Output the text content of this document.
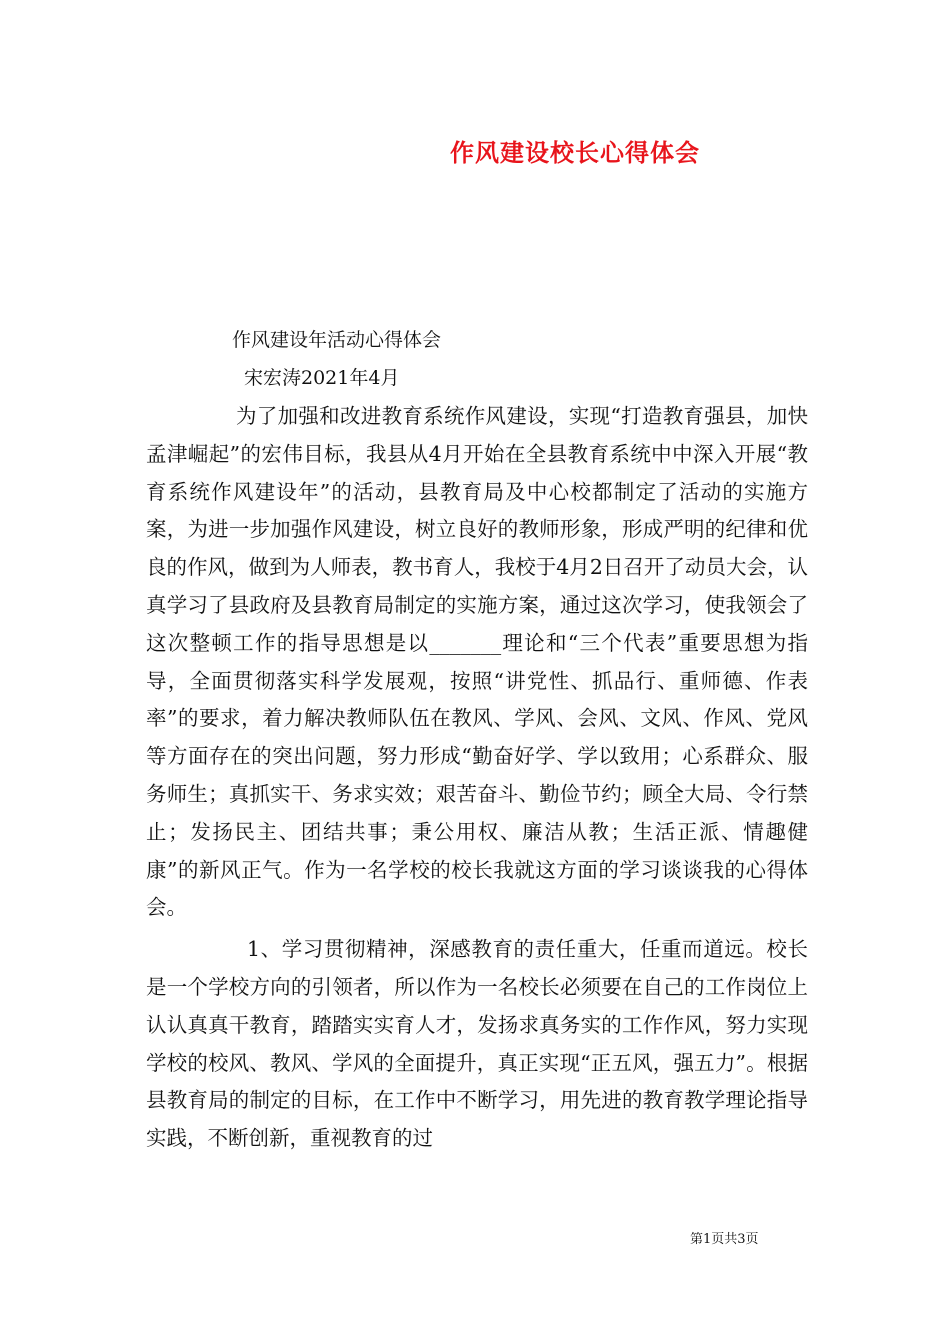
作风建设校长心得体会
作风建设年活动心得体会
宋宏涛2021年4月

为了加强和改进教育系统作风建设，实现“打造教育强县，加快孟津崛起”的宏伟目标，我县从4月开始在全县教育系统中中深入开展“教育系统作风建设年”的活动，县教育局及中心校都制定了活动的实施方案，为进一步加强作风建设，树立良好的教师形象，形成严明的纪律和优良的作风，做到为人师表，教书育人，我校于4月2日召开了动员大会，认真学习了县政府及县教育局制定的实施方案，通过这次学习，使我领会了这次整顿工作的指导思想是以_______理论和“三个代表”重要思想为指导，全面贯彻落实科学发展观，按照“讲党性、抓品行、重师德、作表率”的要求，着力解决教师队伍在教风、学风、会风、文风、作风、党风等方面存在的突出问题，努力形成“勤奋好学、学以致用；心系群众、服务师生；真抓实干、务求实效；艰苦奋斗、勤俭节约；顾全大局、令行禁止；发扬民主、团结共事；秉公用权、廉洁从教；生活正派、情趣健康”的新风正气。作为一名学校的校长我就这方面的学习谈谈我的心得体会。

1、学习贯彻精神，深感教育的责任重大，任重而道远。校长是一个学校方向的引领者，所以作为一名校长必须要在自己的工作岗位上认认真真干教育，踏踏实实育人才，发扬求真务实的工作作风，努力实现学校的校风、教风、学风的全面提升，真正实现“正五风，强五力”。根据县教育局的制定的目标，在工作中不断学习，用先进的教育教学理论指导实践，不断创新，重视教育的过

第1页共3页
